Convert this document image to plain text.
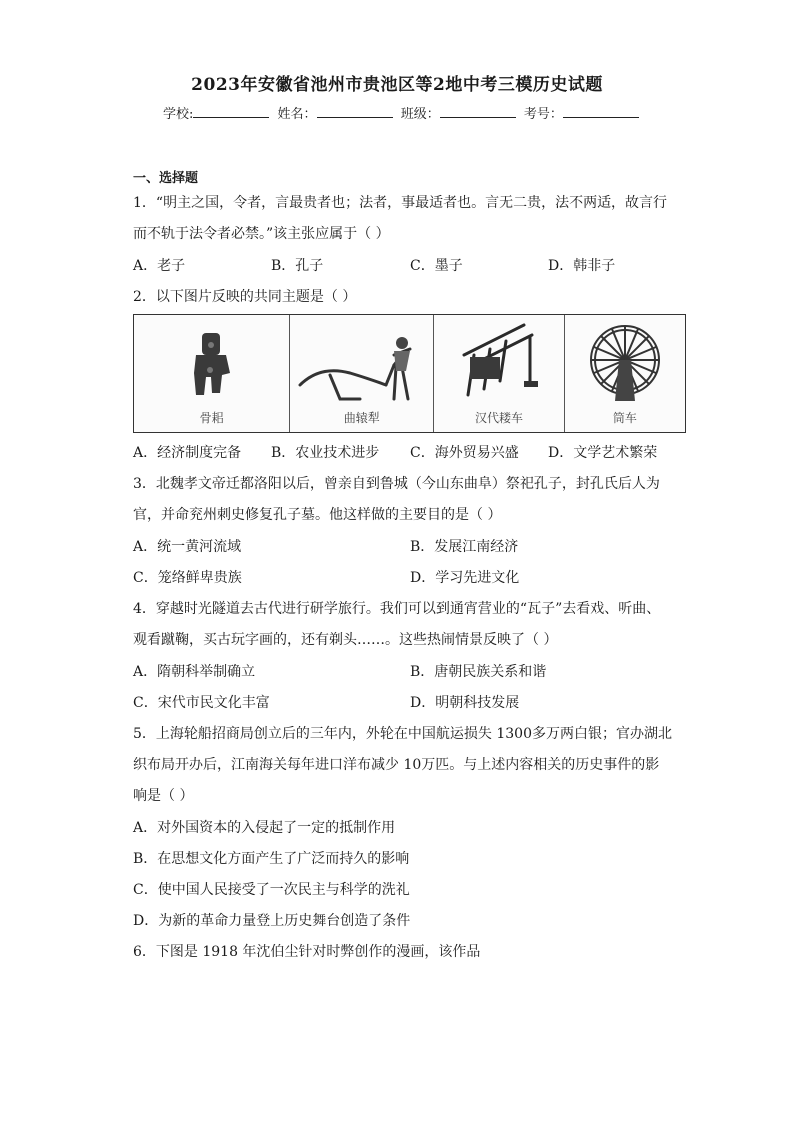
2023年安徽省池州市贵池区等2地中考三模历史试题
学校:	姓名：	班级：	考号：
一、选择题
1．“明主之国，令者，言最贵者也；法者，事最适者也。言无二贵，法不两适，故言行
而不轨于法令者必禁。”该主张应属于（ ）
A．老子	B．孔子	C．墨子	D．韩非子
2．以下图片反映的共同主题是（ ）
骨耜	曲辕犁	汉代耧车	筒车
A．经济制度完备 B．农业技术进步 C．海外贸易兴盛 D．文学艺术繁荣
3．北魏孝文帝迁都洛阳以后，曾亲自到鲁城（今山东曲阜）祭祀孔子，封孔氏后人为
官，并命兖州刺史修复孔子墓。他这样做的主要目的是（ ）
A．统一黄河流域	B．发展江南经济
C．笼络鲜卑贵族	D．学习先进文化
4．穿越时光隧道去古代进行研学旅行。我们可以到通宵营业的“瓦子”去看戏、听曲、
观看蹴鞠，买古玩字画的，还有剃头……。这些热闹情景反映了（ ）
A．隋朝科举制确立	B．唐朝民族关系和谐
C．宋代市民文化丰富	D．明朝科技发展
5．上海轮船招商局创立后的三年内，外轮在中国航运损失 1300多万两白银；官办湖北
织布局开办后，江南海关每年进口洋布减少 10万匹。与上述内容相关的历史事件的影
响是（ ）
A．对外国资本的入侵起了一定的抵制作用
B．在思想文化方面产生了广泛而持久的影响
C．使中国人民接受了一次民主与科学的洗礼
D．为新的革命力量登上历史舞台创造了条件
6．下图是 1918 年沈伯尘针对时弊创作的漫画，该作品
